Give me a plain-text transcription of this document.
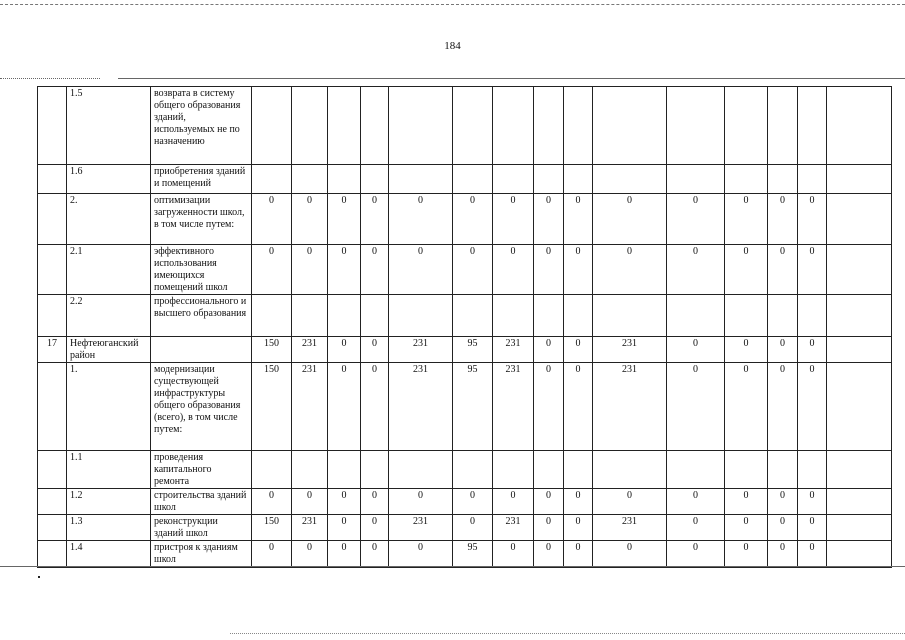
184
	1.5	возврата в систему общего образования зданий, используемых не по назначению															
	1.6	приобретения зданий и помещений															
	2.	оптимизации загруженности школ, в том числе путем:	0	0	0	0	0	0	0	0	0	0	0	0	0	0	
	2.1	эффективного использования имеющихся помещений школ	0	0	0	0	0	0	0	0	0	0	0	0	0	0	
	2.2	профессионального и высшего образования															
17	Нефтеюганский район		150	231	0	0	231	95	231	0	0	231	0	0	0	0	
	1.	модернизации существующей инфраструктуры общего образования (всего), в том числе путем:	150	231	0	0	231	95	231	0	0	231	0	0	0	0	
	1.1	проведения капитального ремонта															
	1.2	строительства зданий школ	0	0	0	0	0	0	0	0	0	0	0	0	0	0	
	1.3	реконструкции зданий школ	150	231	0	0	231	0	231	0	0	231	0	0	0	0	
	1.4	пристроя к зданиям школ	0	0	0	0	0	95	0	0	0	0	0	0	0	0	
